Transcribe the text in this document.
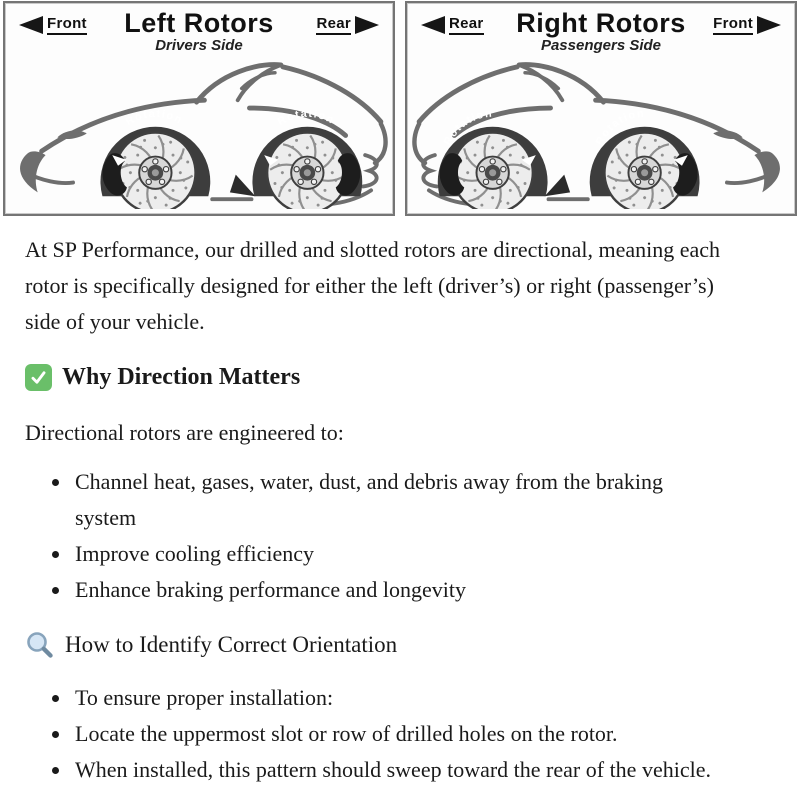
Left Rotors
Drivers Side
Front	Rear
Rotation	Rotation
Right Rotors
Passengers Side
Rear	Front
Rotation
Rotation

At SP Performance, our drilled and slotted rotors are directional, meaning each rotor is specifically designed for either the left (driver’s) or right (passenger’s) side of your vehicle.

Why Direction Matters

Directional rotors are engineered to:

• Channel heat, gases, water, dust, and debris away from the braking system
• Improve cooling efficiency
• Enhance braking performance and longevity
How to Identify Correct Orientation
• To ensure proper installation:
• Locate the uppermost slot or row of drilled holes on the rotor.
• When installed, this pattern should sweep toward the rear of the vehicle.
